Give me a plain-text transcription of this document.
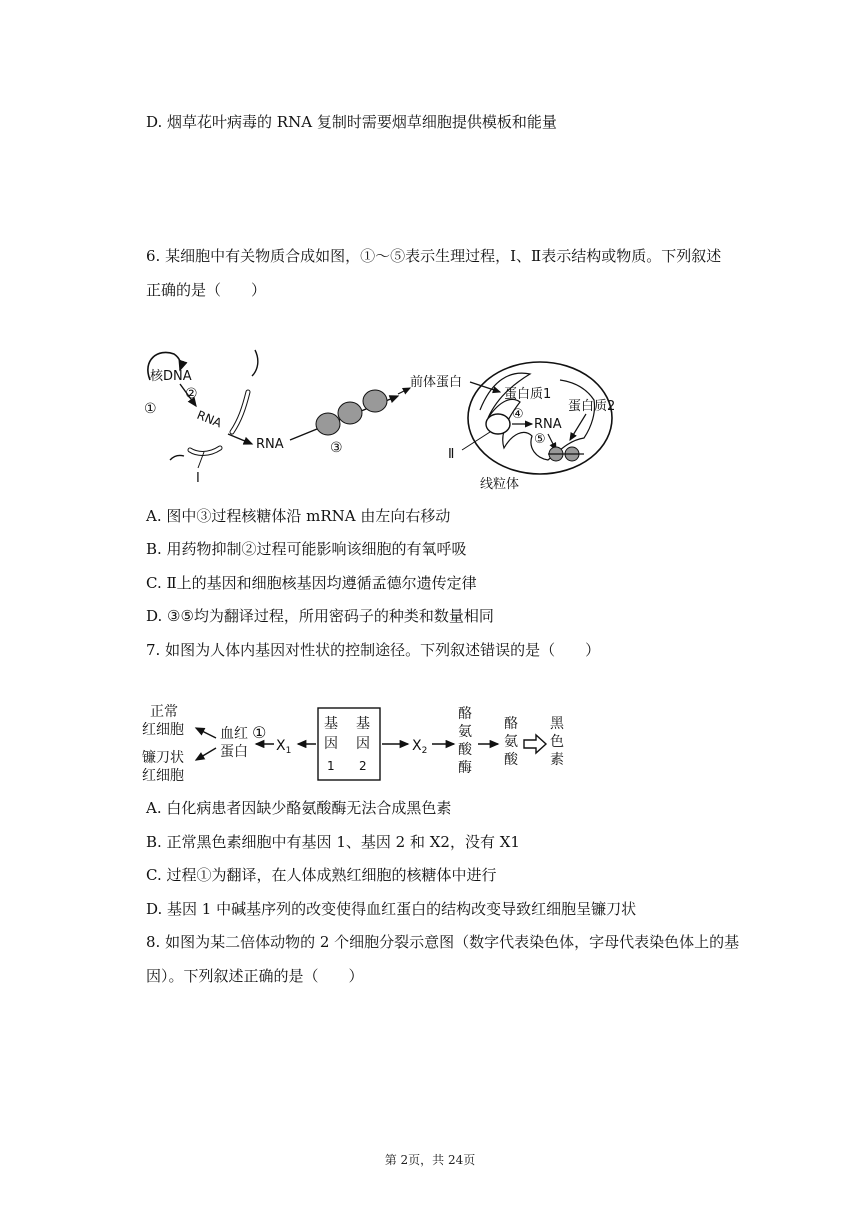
D. 烟草花叶病毒的 RNA 复制时需要烟草细胞提供模板和能量
6. 某细胞中有关物质合成如图，①～⑤表示生理过程，Ⅰ、Ⅱ表示结构或物质。下列叙述
正确的是（　　）
核DNA
①
②
RNA
I
RNA	③
前体蛋白
蛋白质1
④
RNA
⑤
蛋白质2
Ⅱ
线粒体
A. 图中③过程核糖体沿 mRNA 由左向右移动
B. 用药物抑制②过程可能影响该细胞的有氧呼吸
C. Ⅱ上的基因和细胞核基因均遵循孟德尔遗传定律
D. ③⑤均为翻译过程，所用密码子的种类和数量相同
7. 如图为人体内基因对性状的控制途径。下列叙述错误的是（　　）
正常
红细胞
镰刀状
红细胞
血红
蛋白
①
$X_1$
基
因
1
基
因
2
$X_2$
酪
氨
酸
酶
酪
氨
酸
黑
色
素
A. 白化病患者因缺少酪氨酸酶无法合成黑色素
B. 正常黑色素细胞中有基因 1、基因 2 和 X2，没有 X1
C. 过程①为翻译，在人体成熟红细胞的核糖体中进行
D. 基因 1 中碱基序列的改变使得血红蛋白的结构改变导致红细胞呈镰刀状
8. 如图为某二倍体动物的 2 个细胞分裂示意图（数字代表染色体，字母代表染色体上的基
因）。下列叙述正确的是（　　）
第 2页，共 24页
